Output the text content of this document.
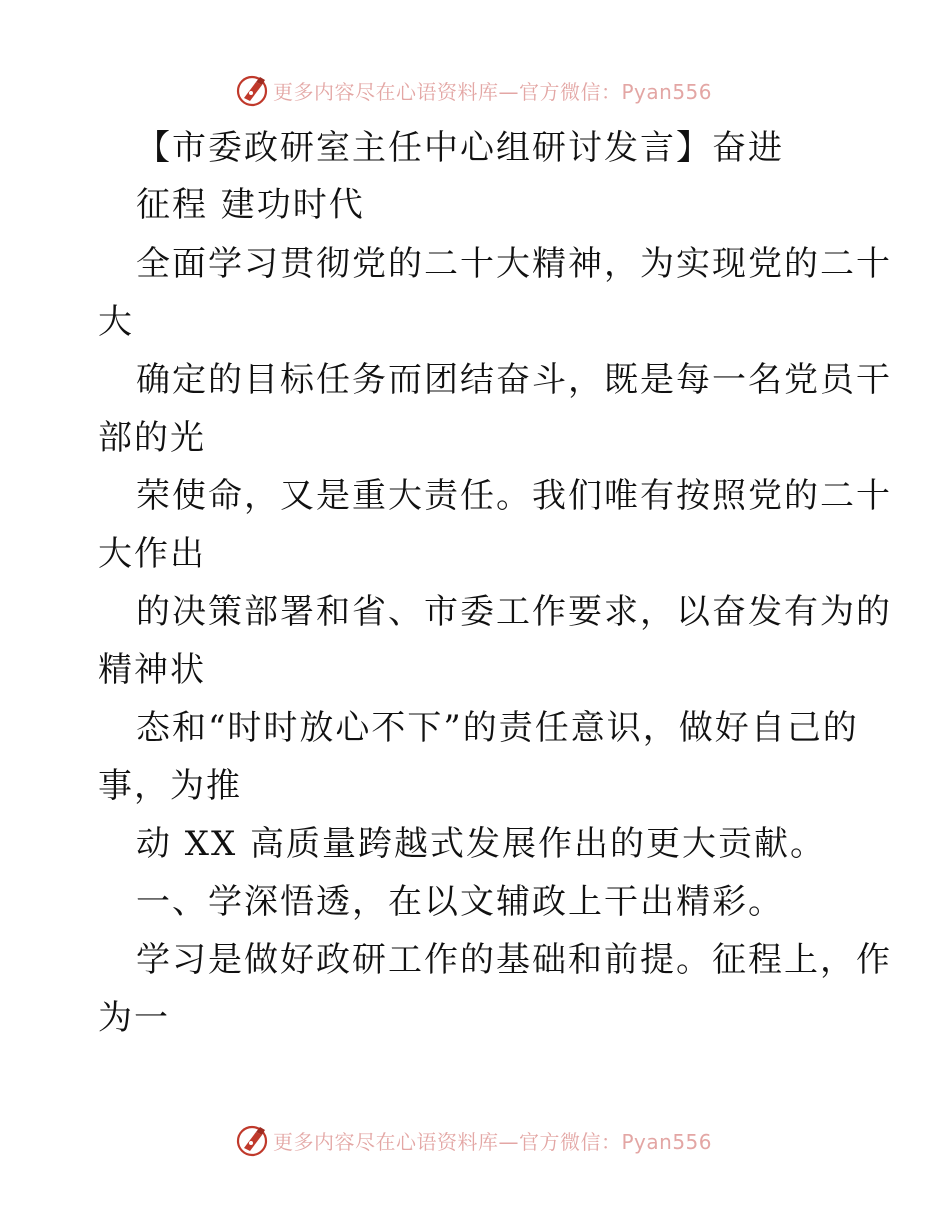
更多内容尽在心语资料库—官方微信：Pyan556
【市委政研室主任中心组研讨发言】奋进
征程 建功时代
全面学习贯彻党的二十大精神，为实现党的二十
大
确定的目标任务而团结奋斗，既是每一名党员干
部的光
荣使命，又是重大责任。我们唯有按照党的二十
大作出
的决策部署和省、市委工作要求，以奋发有为的
精神状
态和“时时放心不下”的责任意识，做好自己的
事，为推
动 XX 高质量跨越式发展作出的更大贡献。
一、学深悟透，在以文辅政上干出精彩。
学习是做好政研工作的基础和前提。征程上，作
为一
更多内容尽在心语资料库—官方微信：Pyan556
